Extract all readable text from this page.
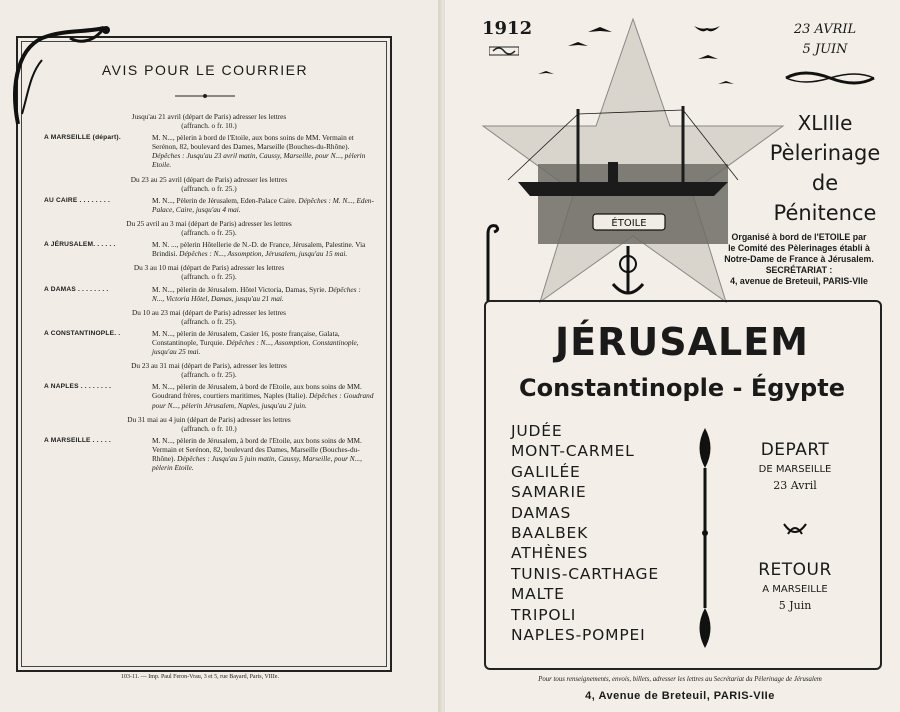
AVIS POUR LE COURRIER
Jusqu'au 21 avril (départ de Paris) adresser les lettres
(affranch. o fr. 10.)
A MARSEILLE (départ).	M. N..., pèlerin à bord de l'Etoile, aux bons soins de MM. Vermain et Serénon, 82, boulevard des Dames, Marseille (Bouches-du-Rhône). Dépêches : Jusqu'au 23 avril matin, Caussy, Marseille, pour N..., pèlerin Etoile.
Du 23 au 25 avril (départ de Paris) adresser les lettres
(affranch. o fr. 25.)
AU CAIRE . . . . . . . .	M. N..., Pèlerin de Jérusalem, Eden-Palace Caire. Dépêches : M. N..., Eden-Palace, Caire, jusqu'au 4 mai.
Du 25 avril au 3 mai (départ de Paris) adresser les lettres
(affranch. o fr. 25).
A JÉRUSALEM. . . . . .	M. N. ..., pèlerin Hôtellerie de N.-D. de France, Jérusalem, Palestine. Via Brindisi. Dépêches : N..., Assomption, Jérusalem, jusqu'au 15 mai.
Du 3 au 10 mai (départ de Paris) adresser les lettres
(affranch. o fr. 25).
A DAMAS . . . . . . . .	M. N..., pèlerin de Jérusalem. Hôtel Victoria, Damas, Syrie. Dépêches : N..., Victoria Hôtel, Damas, jusqu'au 21 mai.
Du 10 au 23 mai (départ de Paris) adresser les lettres
(affranch. o fr. 25).
A CONSTANTINOPLE. .	M. N..., pèlerin de Jérusalem, Casier 16, poste française, Galata, Constantinople, Turquie. Dépêches : N..., Assomption, Constantinople, jusqu'au 25 mai.
Du 23 au 31 mai (départ de Paris), adresser les lettres
(affranch. o fr. 25).
A NAPLES . . . . . . . .	M. N..., pèlerin de Jérusalem, à bord de l'Etoile, aux bons soins de MM. Goudrand frères, courtiers maritimes, Naples (Italie). Dépêches : Goudrand pour N..., pèlerin Jérusalem, Naples, jusqu'au 2 juin.
Du 31 mai au 4 juin (départ de Paris) adresser les lettres
(affranch. o fr. 10.)
A MARSEILLE . . . . .	M. N..., pèlerin de Jérusalem, à bord de l'Etoile, aux bons soins de MM. Vermain et Serénon, 82, boulevard des Dames, Marseille (Bouches-du-Rhône). Dépêches : Jusqu'au 5 juin matin, Caussy, Marseille, pour N..., pèlerin Etoile.
103-11. — Imp. Paul Feron-Vrau, 3 et 5, rue Bayard, Paris, VIIIe.
1912	23 AVRIL
5 JUIN
ÉTOILE
XLIIIe
Pèlerinage
de Pénitence
Organisé à bord de l'ETOILE par
le Comité des Pèlerinages établi à
Notre-Dame de France à Jérusalem.
SECRÉTARIAT :
4, avenue de Breteuil, PARIS-VIIe
JÉRUSALEM
Constantinople - Égypte
JUDÉE
MONT-CARMEL
GALILÉE
SAMARIE
DAMAS
BAALBEK
ATHÈNES
TUNIS-CARTHAGE
MALTE
TRIPOLI
NAPLES-POMPEI
DEPART
DE MARSEILLE
23 Avril
RETOUR
A MARSEILLE
5 Juin
Pour tous renseignements, envois, billets, adresser les lettres au Secrétariat du Pèlerinage de Jérusalem
4, Avenue de Breteuil, PARIS-VIIe
